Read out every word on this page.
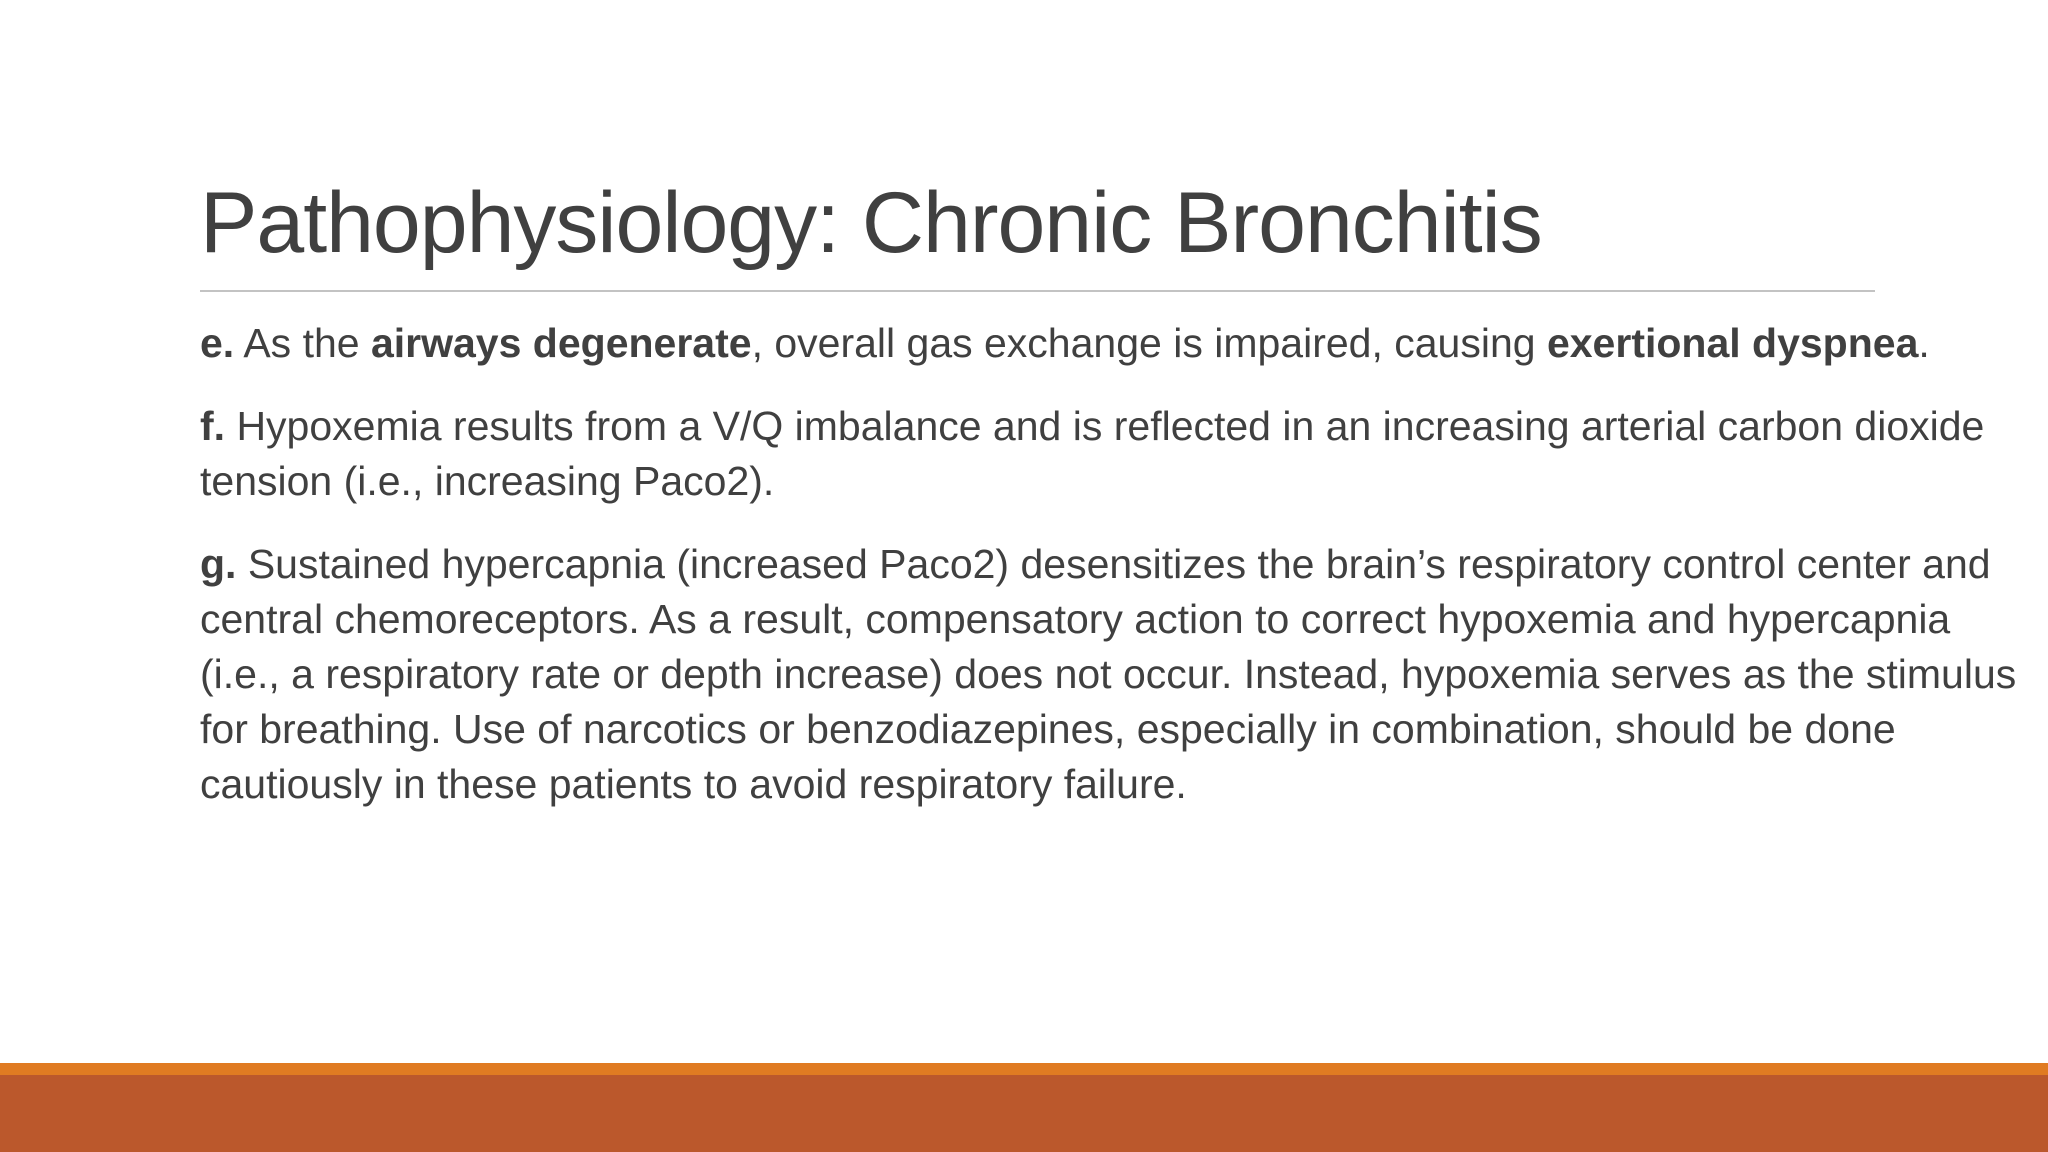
Pathophysiology: Chronic Bronchitis

e. As the airways degenerate, overall gas exchange is impaired, causing exertional dyspnea.

f. Hypoxemia results from a V/Q imbalance and is reflected in an increasing arterial carbon dioxide tension (i.e., increasing Paco2).

g. Sustained hypercapnia (increased Paco2) desensitizes the brain’s respiratory control center and central chemoreceptors. As a result, compensatory action to correct hypoxemia and hypercapnia (i.e., a respiratory rate or depth increase) does not occur. Instead, hypoxemia serves as the stimulus for breathing. Use of narcotics or benzodiazepines, especially in combination, should be done cautiously in these patients to avoid respiratory failure.
